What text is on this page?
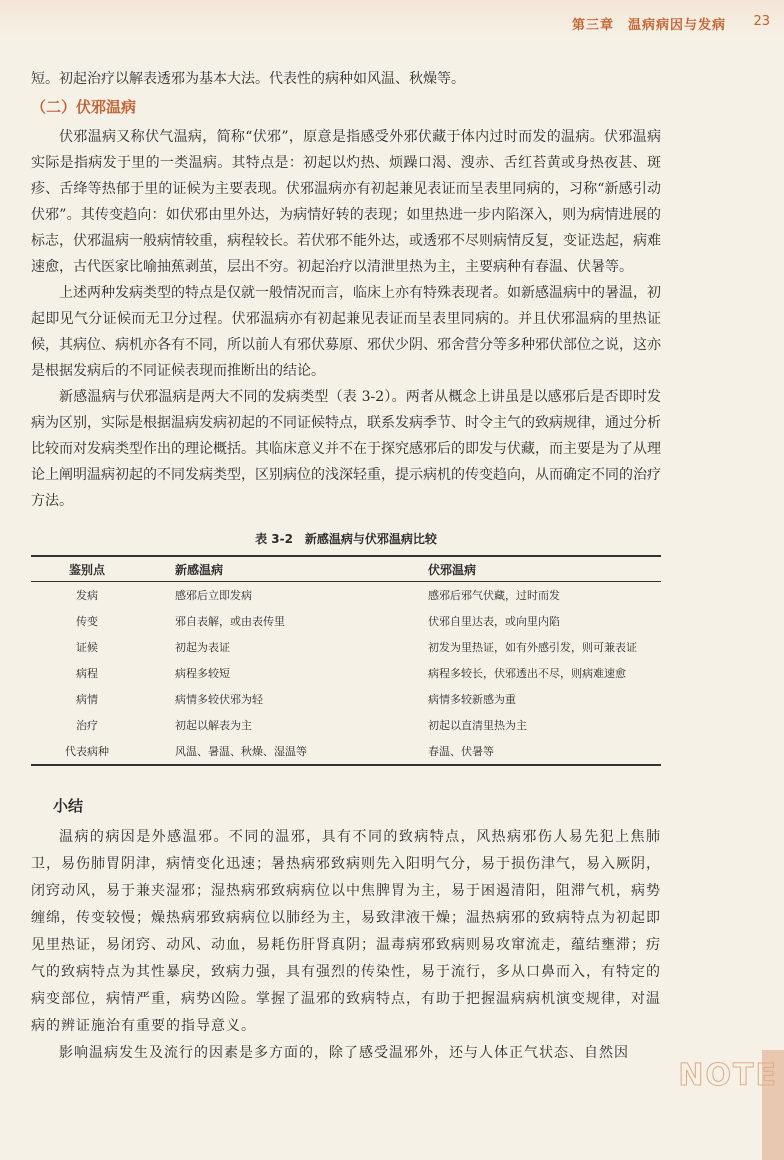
第三章　温病病因与发病 23

短。初起治疗以解表透邪为基本大法。代表性的病种如风温、秋燥等。

（二）伏邪温病

伏邪温病又称伏气温病，简称“伏邪”，原意是指感受外邪伏藏于体内过时而发的温病。伏邪温病实际是指病发于里的一类温病。其特点是：初起以灼热、烦躁口渴、溲赤、舌红苔黄或身热夜甚、斑疹、舌绛等热郁于里的证候为主要表现。伏邪温病亦有初起兼见表证而呈表里同病的，习称“新感引动伏邪”。其传变趋向：如伏邪由里外达，为病情好转的表现；如里热进一步内陷深入，则为病情进展的标志，伏邪温病一般病情较重，病程较长。若伏邪不能外达，或透邪不尽则病情反复，变证迭起，病难速愈，古代医家比喻抽蕉剥茧，层出不穷。初起治疗以清泄里热为主，主要病种有春温、伏暑等。

上述两种发病类型的特点是仅就一般情况而言，临床上亦有特殊表现者。如新感温病中的暑温，初起即见气分证候而无卫分过程。伏邪温病亦有初起兼见表证而呈表里同病的。并且伏邪温病的里热证候，其病位、病机亦各有不同，所以前人有邪伏募原、邪伏少阴、邪舍营分等多种邪伏部位之说，这亦是根据发病后的不同证候表现而推断出的结论。

新感温病与伏邪温病是两大不同的发病类型（表 3-2）。两者从概念上讲虽是以感邪后是否即时发病为区别，实际是根据温病发病初起的不同证候特点，联系发病季节、时令主气的致病规律，通过分析比较而对发病类型作出的理论概括。其临床意义并不在于探究感邪后的即发与伏藏，而主要是为了从理论上阐明温病初起的不同发病类型，区别病位的浅深轻重，提示病机的传变趋向，从而确定不同的治疗方法。

表 3-2　新感温病与伏邪温病比较
鉴别点	新感温病	伏邪温病
发病	感邪后立即发病	感邪后邪气伏藏，过时而发
传变	邪自表解，或由表传里	伏邪自里达表，或向里内陷
证候	初起为表证	初发为里热证，如有外感引发，则可兼表证
病程	病程多较短	病程多较长，伏邪透出不尽，则病难速愈
病情	病情多较伏邪为轻	病情多较新感为重
治疗	初起以解表为主	初起以直清里热为主
代表病种	风温、暑温、秋燥、湿温等	春温、伏暑等
小结

温病的病因是外感温邪。不同的温邪，具有不同的致病特点，风热病邪伤人易先犯上焦肺卫，易伤肺胃阴津，病情变化迅速；暑热病邪致病则先入阳明气分，易于损伤津气，易入厥阴，闭窍动风，易于兼夹湿邪；湿热病邪致病病位以中焦脾胃为主，易于困遏清阳，阻滞气机，病势缠绵，传变较慢；燥热病邪致病病位以肺经为主，易致津液干燥；温热病邪的致病特点为初起即见里热证，易闭窍、动风、动血，易耗伤肝肾真阴；温毒病邪致病则易攻窜流走，蕴结壅滞；疠气的致病特点为其性暴戾，致病力强，具有强烈的传染性，易于流行，多从口鼻而入，有特定的病变部位，病情严重，病势凶险。掌握了温邪的致病特点，有助于把握温病病机演变规律，对温病的辨证施治有重要的指导意义。

影响温病发生及流行的因素是多方面的，除了感受温邪外，还与人体正气状态、自然因

NOTE
